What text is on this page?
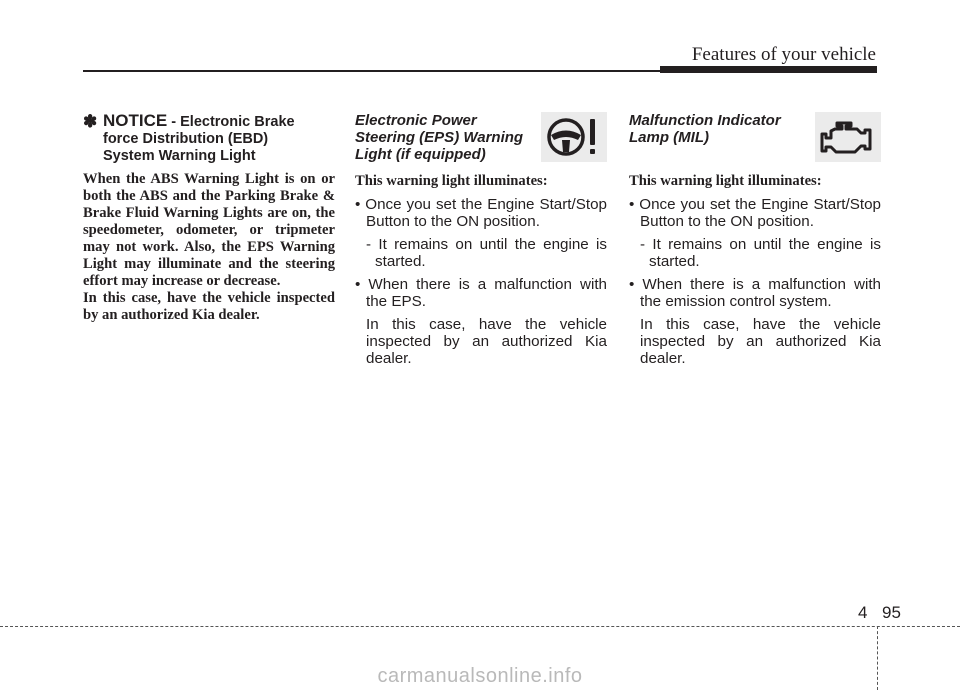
Features of your vehicle
✽ NOTICE - Electronic Brake
force Distribution (EBD)
System Warning Light

When the ABS Warning Light is on or both the ABS and the Parking Brake & Brake Fluid Warning Lights are on, the speedometer, odometer, or tripmeter may not work. Also, the EPS Warning Light may illuminate and the steering effort may increase or decrease.

In this case, have the vehicle inspected by an authorized Kia dealer.

Electronic Power
Steering (EPS) Warning
Light (if equipped)
This warning light illuminates:
• Once you set the Engine Start/Stop Button to the ON position.
- It remains on until the engine is started.
• When there is a malfunction with the EPS.
In this case, have the vehicle inspected by an authorized Kia dealer.
Malfunction Indicator
Lamp (MIL)
This warning light illuminates:
• Once you set the Engine Start/Stop Button to the ON position.
- It remains on until the engine is started.
• When there is a malfunction with the emission control system.
In this case, have the vehicle inspected by an authorized Kia dealer.
4 95
carmanualsonline.info
